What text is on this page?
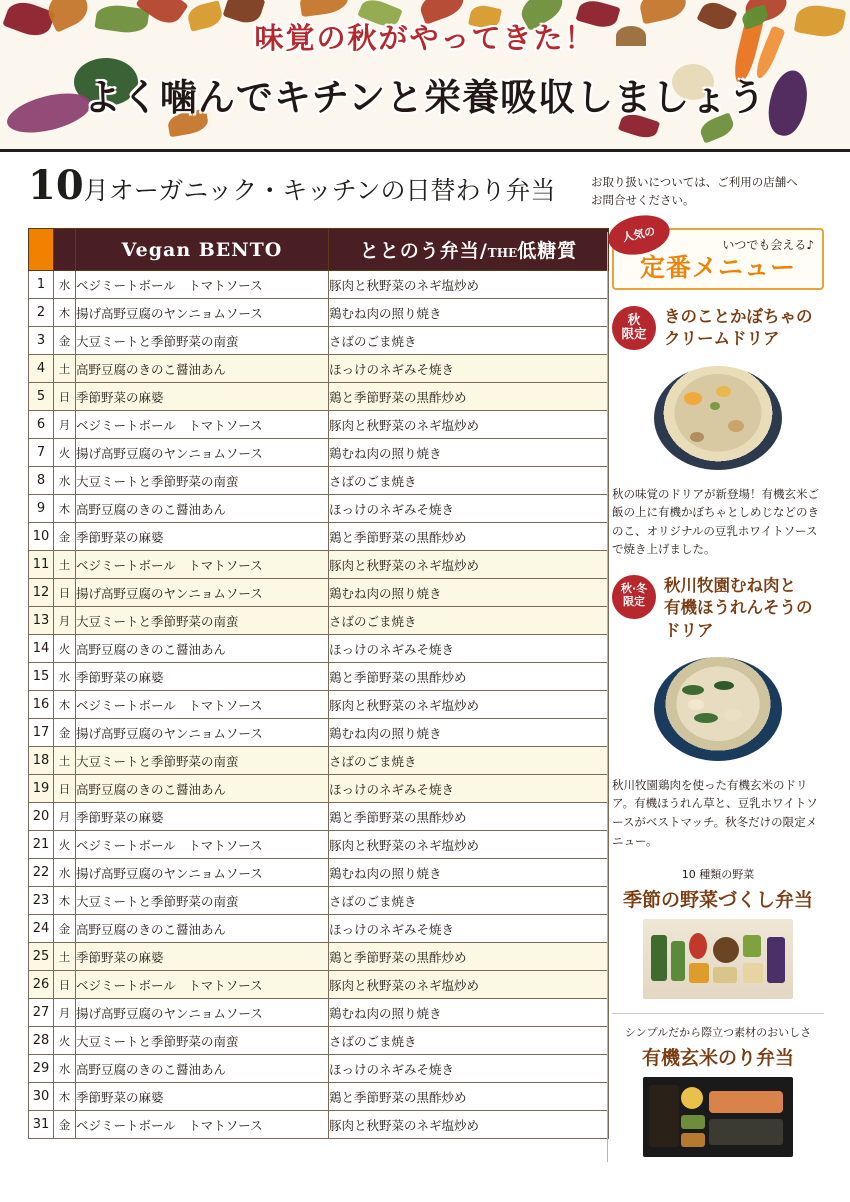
味覚の秋がやってきた！
よく噛んでキチンと栄養吸収しましょう
10月オーガニック・キッチンの日替わり弁当	お取り扱いについては、ご利用の店舗へお問合せください。
		Vegan BENTO	ととのう弁当/THE低糖質
1	水	ベジミートボール　トマトソース	豚肉と秋野菜のネギ塩炒め
2	木	揚げ高野豆腐のヤンニョムソース	鶏むね肉の照り焼き
3	金	大豆ミートと季節野菜の南蛮	さばのごま焼き
4	土	高野豆腐のきのこ醤油あん	ほっけのネギみそ焼き
5	日	季節野菜の麻婆	鶏と季節野菜の黒酢炒め
6	月	ベジミートボール　トマトソース	豚肉と秋野菜のネギ塩炒め
7	火	揚げ高野豆腐のヤンニョムソース	鶏むね肉の照り焼き
8	水	大豆ミートと季節野菜の南蛮	さばのごま焼き
9	木	高野豆腐のきのこ醤油あん	ほっけのネギみそ焼き
10	金	季節野菜の麻婆	鶏と季節野菜の黒酢炒め
11	土	ベジミートボール　トマトソース	豚肉と秋野菜のネギ塩炒め
12	日	揚げ高野豆腐のヤンニョムソース	鶏むね肉の照り焼き
13	月	大豆ミートと季節野菜の南蛮	さばのごま焼き
14	火	高野豆腐のきのこ醤油あん	ほっけのネギみそ焼き
15	水	季節野菜の麻婆	鶏と季節野菜の黒酢炒め
16	木	ベジミートボール　トマトソース	豚肉と秋野菜のネギ塩炒め
17	金	揚げ高野豆腐のヤンニョムソース	鶏むね肉の照り焼き
18	土	大豆ミートと季節野菜の南蛮	さばのごま焼き
19	日	高野豆腐のきのこ醤油あん	ほっけのネギみそ焼き
20	月	季節野菜の麻婆	鶏と季節野菜の黒酢炒め
21	火	ベジミートボール　トマトソース	豚肉と秋野菜のネギ塩炒め
22	水	揚げ高野豆腐のヤンニョムソース	鶏むね肉の照り焼き
23	木	大豆ミートと季節野菜の南蛮	さばのごま焼き
24	金	高野豆腐のきのこ醤油あん	ほっけのネギみそ焼き
25	土	季節野菜の麻婆	鶏と季節野菜の黒酢炒め
26	日	ベジミートボール　トマトソース	豚肉と秋野菜のネギ塩炒め
27	月	揚げ高野豆腐のヤンニョムソース	鶏むね肉の照り焼き
28	火	大豆ミートと季節野菜の南蛮	さばのごま焼き
29	水	高野豆腐のきのこ醤油あん	ほっけのネギみそ焼き
30	木	季節野菜の麻婆	鶏と季節野菜の黒酢炒め
31	金	ベジミートボール　トマトソース	豚肉と秋野菜のネギ塩炒め
人気の
いつでも会える♪
定番メニュー
秋
限定
きのことかぼちゃの
クリームドリア
秋の味覚のドリアが新登場！有機玄米ご飯の上に有機かぼちゃとしめじなどのきのこ、オリジナルの豆乳ホワイトソースで焼き上げました。
秋·冬
限定
秋川牧園むね肉と
有機ほうれんそうのドリア
秋川牧園鶏肉を使った有機玄米のドリア。有機ほうれん草と、豆乳ホワイトソースがベストマッチ。秋冬だけの限定メニュー。
10 種類の野菜
季節の野菜づくし弁当
シンプルだから際立つ素材のおいしさ
有機玄米のり弁当
